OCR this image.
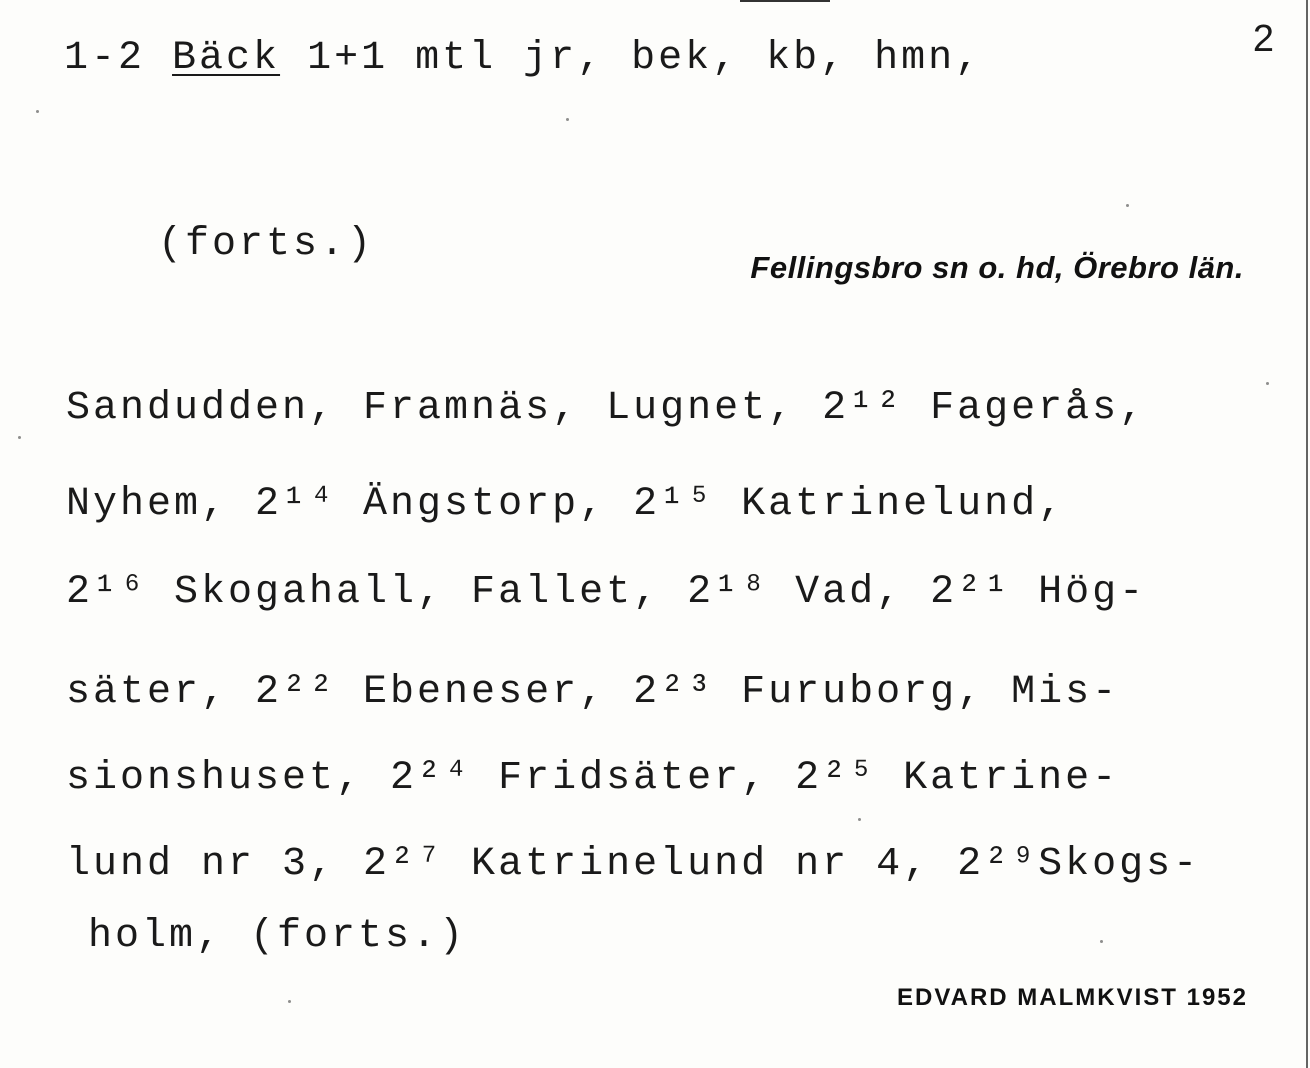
1-2 Bäck 1+1 mtl jr, bek, kb, hmn,	2
(forts.)
Fellingsbro sn o. hd, Örebro län.
Sandudden, Framnäs, Lugnet, 2¹² Fagerås,
Nyhem, 2¹⁴ Ängstorp, 2¹⁵ Katrinelund,
2¹⁶ Skogahall, Fallet, 2¹⁸ Vad, 2²¹ Hög-
säter, 2²² Ebeneser, 2²³ Furuborg, Mis-
sionshuset, 2²⁴ Fridsäter, 2²⁵ Katrine-
lund nr 3, 2²⁷ Katrinelund nr 4, 2²⁹Skogs-
holm, (forts.)
EDVARD MALMKVIST 1952
